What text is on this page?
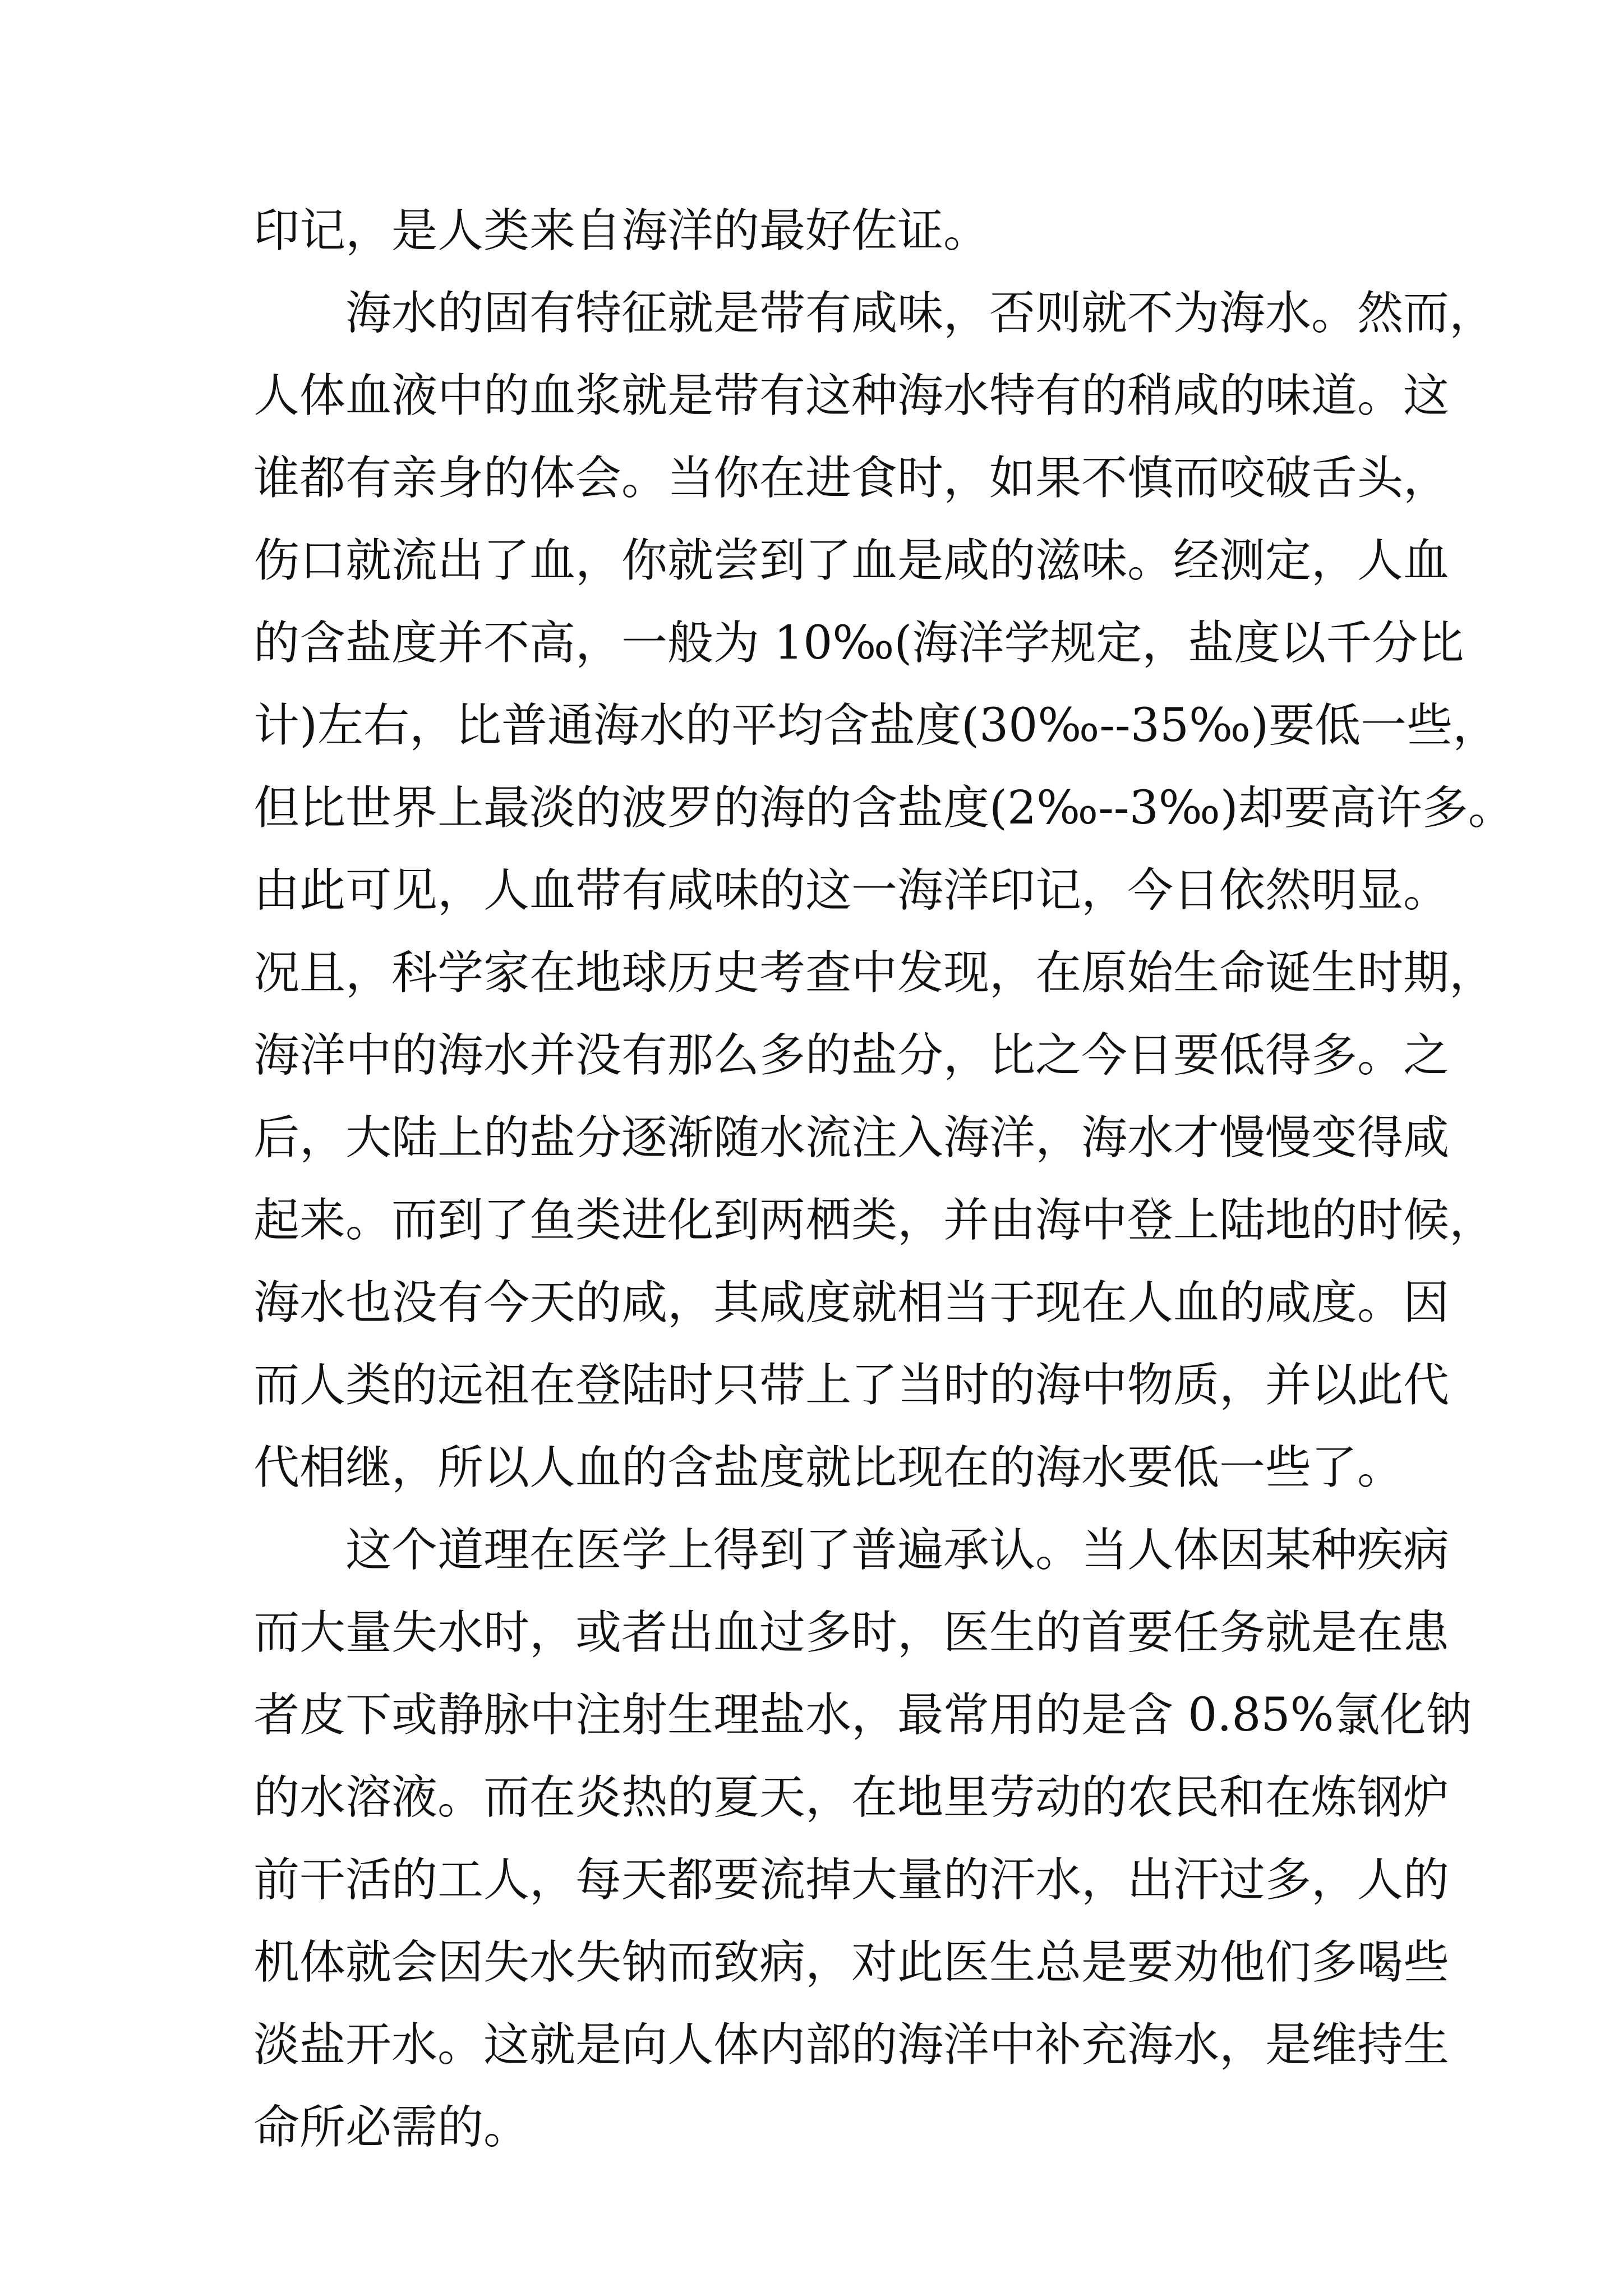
印记，是人类来自海洋的最好佐证。
海水的固有特征就是带有咸味，否则就不为海水。然而，
人体血液中的血浆就是带有这种海水特有的稍咸的味道。这
谁都有亲身的体会。当你在进食时，如果不慎而咬破舌头，
伤口就流出了血，你就尝到了血是咸的滋味。经测定，人血
的含盐度并不高，一般为 10‰(海洋学规定，盐度以千分比
计)左右，比普通海水的平均含盐度(30‰--35‰)要低一些，
但比世界上最淡的波罗的海的含盐度(2‰--3‰)却要高许多。
由此可见，人血带有咸味的这一海洋印记，今日依然明显。
况且，科学家在地球历史考查中发现，在原始生命诞生时期，
海洋中的海水并没有那么多的盐分，比之今日要低得多。之
后，大陆上的盐分逐渐随水流注入海洋，海水才慢慢变得咸
起来。而到了鱼类进化到两栖类，并由海中登上陆地的时候，
海水也没有今天的咸，其咸度就相当于现在人血的咸度。因
而人类的远祖在登陆时只带上了当时的海中物质，并以此代
代相继，所以人血的含盐度就比现在的海水要低一些了。
这个道理在医学上得到了普遍承认。当人体因某种疾病
而大量失水时，或者出血过多时，医生的首要任务就是在患
者皮下或静脉中注射生理盐水，最常用的是含 0.85%氯化钠
的水溶液。而在炎热的夏天，在地里劳动的农民和在炼钢炉
前干活的工人，每天都要流掉大量的汗水，出汗过多，人的
机体就会因失水失钠而致病，对此医生总是要劝他们多喝些
淡盐开水。这就是向人体内部的海洋中补充海水，是维持生
命所必需的。
